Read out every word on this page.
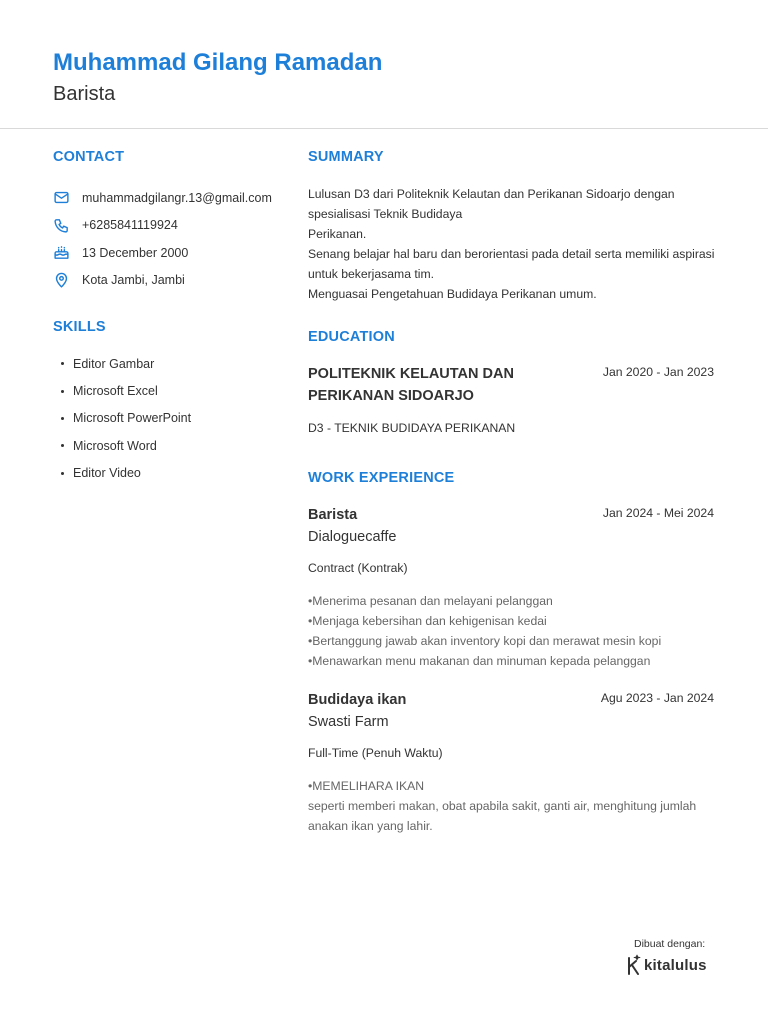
Muhammad Gilang Ramadan
Barista
CONTACT
muhammadgilangr.13@gmail.com
+6285841119924
13 December 2000
Kota Jambi, Jambi
SKILLS
Editor Gambar
Microsoft Excel
Microsoft PowerPoint
Microsoft Word
Editor Video
SUMMARY
Lulusan D3 dari Politeknik Kelautan dan Perikanan Sidoarjo dengan
spesialisasi Teknik Budidaya
Perikanan.
Senang belajar hal baru dan berorientasi pada detail serta memiliki aspirasi
untuk bekerjasama tim.
Menguasai Pengetahuan Budidaya Perikanan umum.
EDUCATION
POLITEKNIK KELAUTAN DAN
PERIKANAN SIDOARJO
Jan 2020 - Jan 2023
D3 - TEKNIK BUDIDAYA PERIKANAN
WORK EXPERIENCE
Barista	Jan 2024 - Mei 2024
Dialoguecaffe
Contract (Kontrak)
•Menerima pesanan dan melayani pelanggan
•Menjaga kebersihan dan kehigenisan kedai
•Bertanggung jawab akan inventory kopi dan merawat mesin kopi
•Menawarkan menu makanan dan minuman kepada pelanggan
Budidaya ikan	Agu 2023 - Jan 2024
Swasti Farm
Full-Time (Penuh Waktu)
•MEMELIHARA IKAN
seperti memberi makan, obat apabila sakit, ganti air, menghitung jumlah
anakan ikan yang lahir.
Dibuat dengan:
kitalulus
